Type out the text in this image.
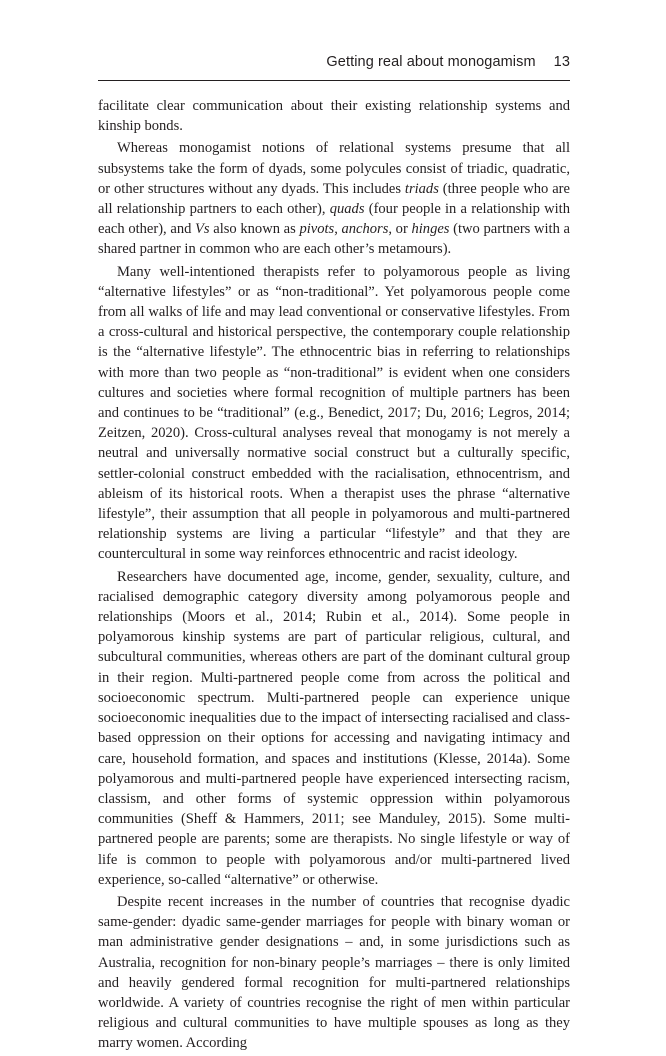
Getting real about monogamism 13

facilitate clear communication about their existing relationship systems and kinship bonds.

Whereas monogamist notions of relational systems presume that all subsystems take the form of dyads, some polycules consist of triadic, quadratic, or other structures without any dyads. This includes triads (three people who are all relationship partners to each other), quads (four people in a relationship with each other), and Vs also known as pivots, anchors, or hinges (two partners with a shared partner in common who are each other’s metamours).

Many well-intentioned therapists refer to polyamorous people as living “alternative lifestyles” or as “non-traditional”. Yet polyamorous people come from all walks of life and may lead conventional or conservative lifestyles. From a cross-cultural and historical perspective, the contemporary couple relationship is the “alternative lifestyle”. The ethnocentric bias in referring to relationships with more than two people as “non-traditional” is evident when one considers cultures and societies where formal recognition of multiple partners has been and continues to be “traditional” (e.g., Benedict, 2017; Du, 2016; Legros, 2014; Zeitzen, 2020). Cross-cultural analyses reveal that monogamy is not merely a neutral and universally normative social construct but a culturally specific, settler-colonial construct embedded with the racialisation, ethnocentrism, and ableism of its historical roots. When a therapist uses the phrase “alternative lifestyle”, their assumption that all people in polyamorous and multi-partnered relationship systems are living a particular “lifestyle” and that they are countercultural in some way reinforces ethnocentric and racist ideology.

Researchers have documented age, income, gender, sexuality, culture, and racialised demographic category diversity among polyamorous people and relationships (Moors et al., 2014; Rubin et al., 2014). Some people in polyamorous kinship systems are part of particular religious, cultural, and subcultural communities, whereas others are part of the dominant cultural group in their region. Multi-partnered people come from across the political and socioeconomic spectrum. Multi-partnered people can experience unique socioeconomic inequalities due to the impact of intersecting racialised and class-based oppression on their options for accessing and navigating intimacy and care, household formation, and spaces and institutions (Klesse, 2014a). Some polyamorous and multi-partnered people have experienced intersecting racism, classism, and other forms of systemic oppression within polyamorous communities (Sheff & Hammers, 2011; see Manduley, 2015). Some multi-partnered people are parents; some are therapists. No single lifestyle or way of life is common to people with polyamorous and/or multi-partnered lived experience, so-called “alternative” or otherwise.

Despite recent increases in the number of countries that recognise dyadic same-gender: dyadic same-gender marriages for people with binary woman or man administrative gender designations – and, in some jurisdictions such as Australia, recognition for non-binary people’s marriages – there is only limited and heavily gendered formal recognition for multi-partnered relationships worldwide. A variety of countries recognise the right of men within particular religious and cultural communities to have multiple spouses as long as they marry women. According
